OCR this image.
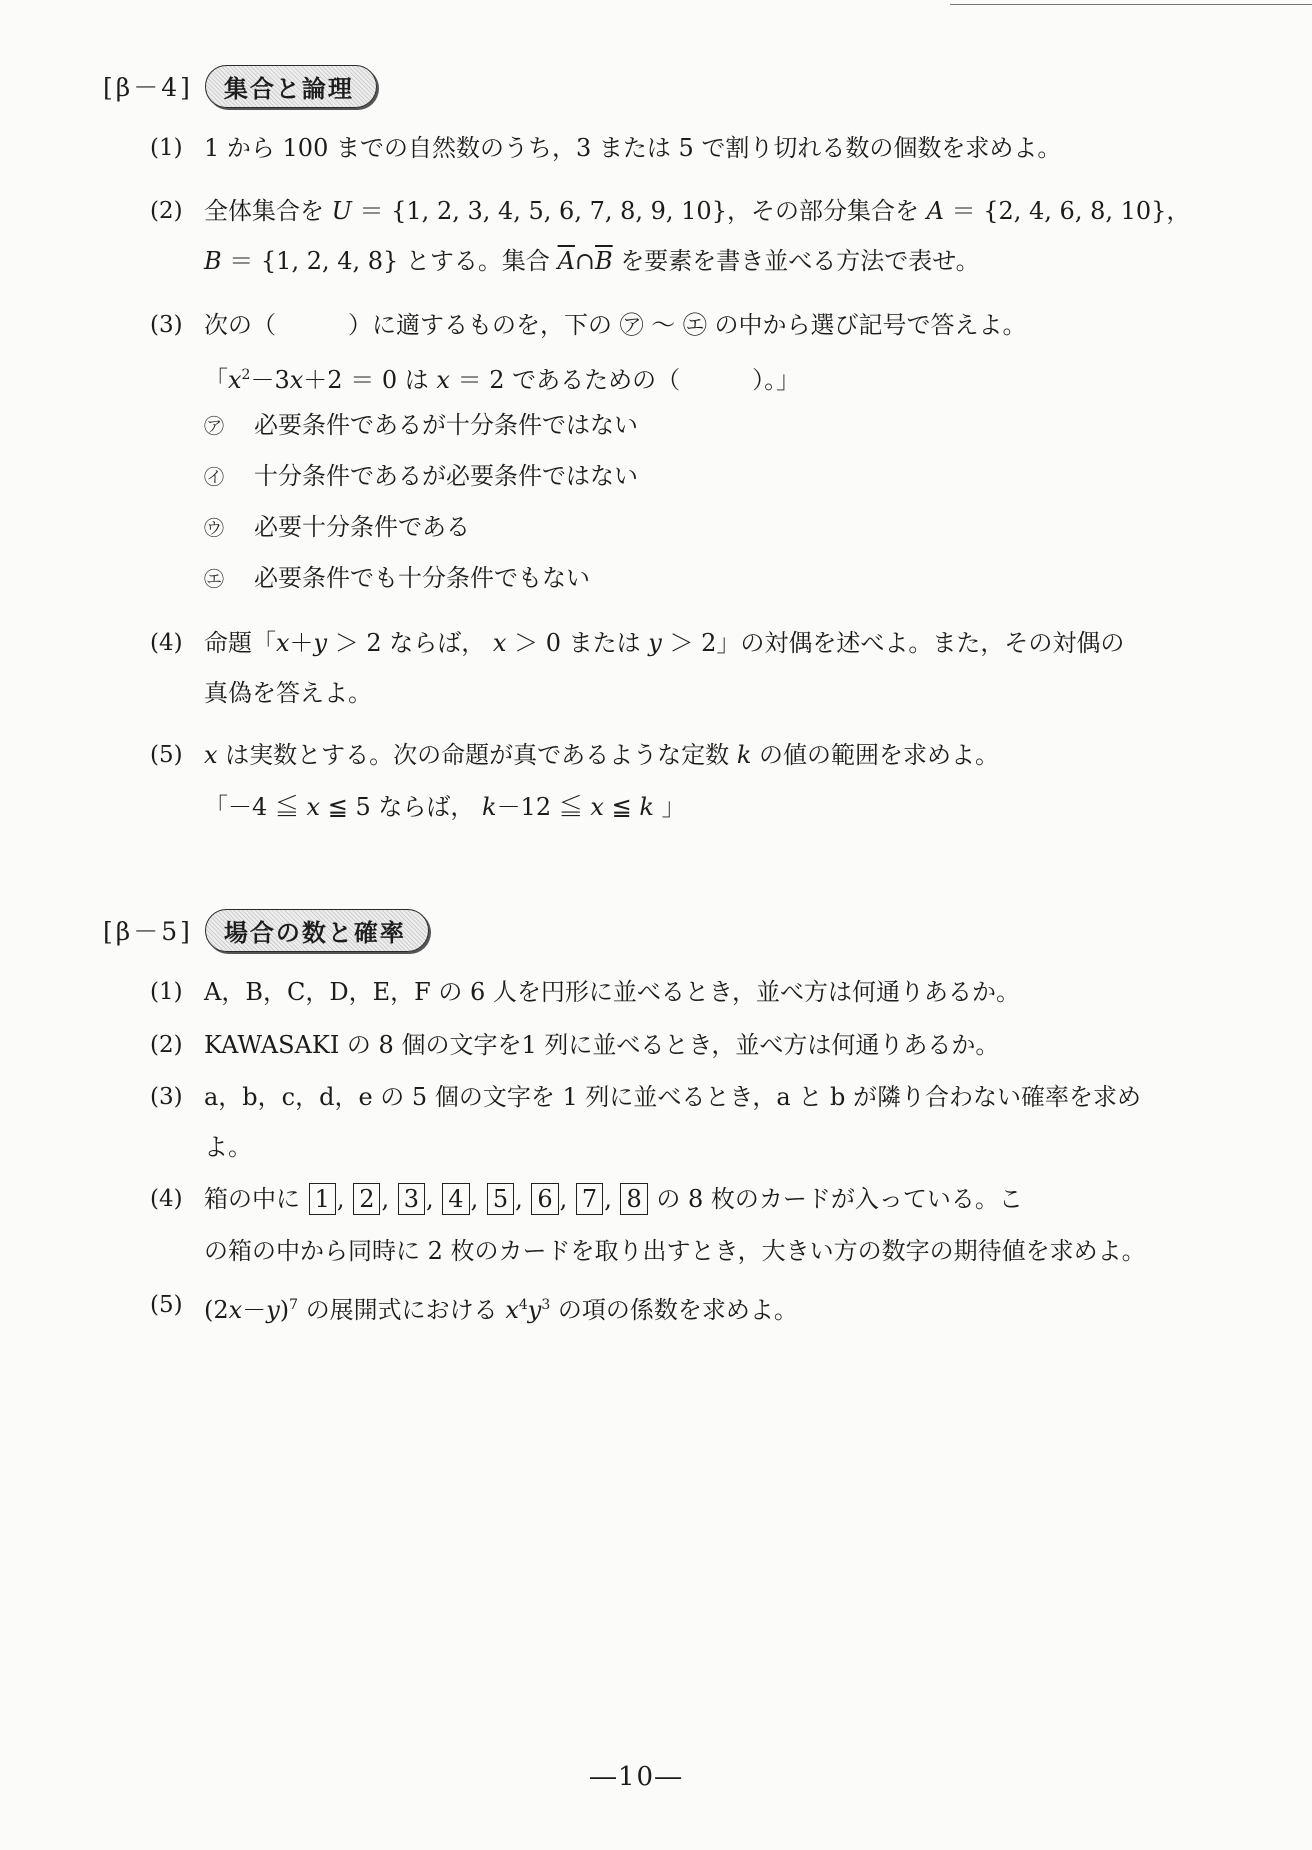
[β－4]	集合と論理
(1) 1 から 100 までの自然数のうち，3 または 5 で割り切れる数の個数を求めよ。
(2) 全体集合を U ＝ {1, 2, 3, 4, 5, 6, 7, 8, 9, 10}，その部分集合を A ＝ {2, 4, 6, 8, 10}，
B ＝ {1, 2, 4, 8} とする。集合 $\overline{A}\cap\overline{B}$ を要素を書き並べる方法で表せ。
(3) 次の（　　　）に適するものを，下の ㋐ ～ ㋓ の中から選び記号で答えよ。
「$x^2-3x+2 = 0$ は x ＝ 2 であるための（　　　）。」
㋐ 必要条件であるが十分条件ではない
㋑ 十分条件であるが必要条件ではない
㋒ 必要十分条件である
㋓ 必要条件でも十分条件でもない
(4) 命題「x＋y ＞ 2 ならば， x ＞ 0 または y ＞ 2」の対偶を述べよ。また，その対偶の
真偽を答えよ。
(5) x は実数とする。次の命題が真であるような定数 k の値の範囲を求めよ。
「－4 ≦ x ≦ 5 ならば， k－12 ≦ x ≦ k 」
[β－5]	場合の数と確率
(1) A，B，C，D，E，F の 6 人を円形に並べるとき，並べ方は何通りあるか。
(2) KAWASAKI の 8 個の文字を1 列に並べるとき，並べ方は何通りあるか。
(3) a，b，c，d，e の 5 個の文字を 1 列に並べるとき，a と b が隣り合わない確率を求め
よ。
(4) 箱の中に 1 , 2 , 3 , 4 , 5 , 6 , 7 , 8 の 8 枚のカードが入っている。こ
の箱の中から同時に 2 枚のカードを取り出すとき，大きい方の数字の期待値を求めよ。
(5) $(2x-y)^7$ の展開式における $x^4y^3$ の項の係数を求めよ。
―10―
